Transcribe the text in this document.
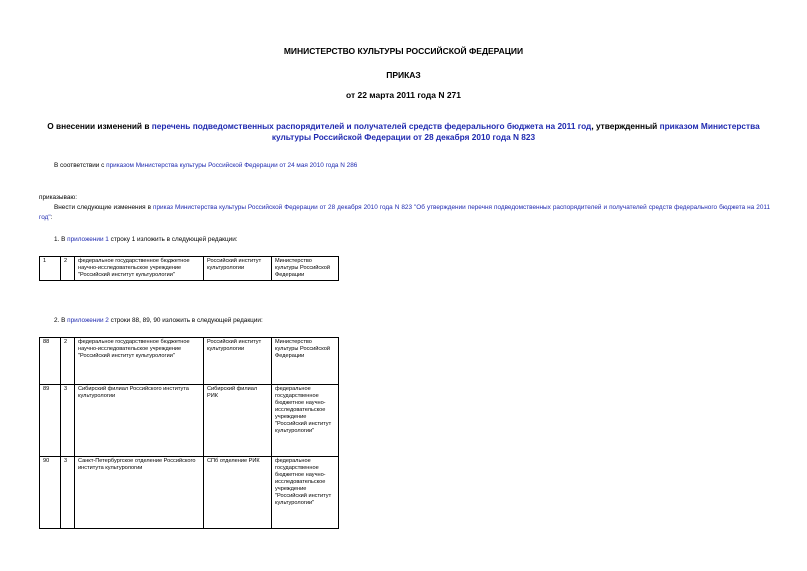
МИНИСТЕРСТВО КУЛЬТУРЫ РОССИЙСКОЙ ФЕДЕРАЦИИ
ПРИКАЗ
от 22 марта 2011 года N 271
О внесении изменений в перечень подведомственных распорядителей и получателей средств федерального бюджета на 2011 год, утвержденный приказом Министерства культуры Российской Федерации от 28 декабря 2010 года N 823
В соответствии с приказом Министерства культуры Российской Федерации от 24 мая 2010 года N 286
приказываю:
Внести следующие изменения в приказ Министерства культуры Российской Федерации от 28 декабря 2010 года N 823 "Об утверждении перечня подведомственных распорядителей и получателей средств федерального бюджета на 2011 год":
1. В приложении 1 строку 1 изложить в следующей редакции:
1	2	федеральное государственное бюджетное научно-исследовательское учреждение "Российский институт культурологии"	Российский институт культурологии	Министерство культуры Российской Федерации
2. В приложении 2 строки 88, 89, 90 изложить в следующей редакции:
88	2	федеральное государственное бюджетное научно-исследовательское учреждение "Российский институт культурологии"	Российский институт культурологии	Министерство культуры Российской Федерации
89	3	Сибирский филиал Российского института культурологии	Сибирский филиал РИК	федеральное государственное бюджетное научно-исследовательское учреждение "Российский институт культурологии"
90	3	Санкт-Петербургское отделение Российского института культурологии	СПб отделение РИК	федеральное государственное бюджетное научно-исследовательское учреждение "Российский институт культурологии"
